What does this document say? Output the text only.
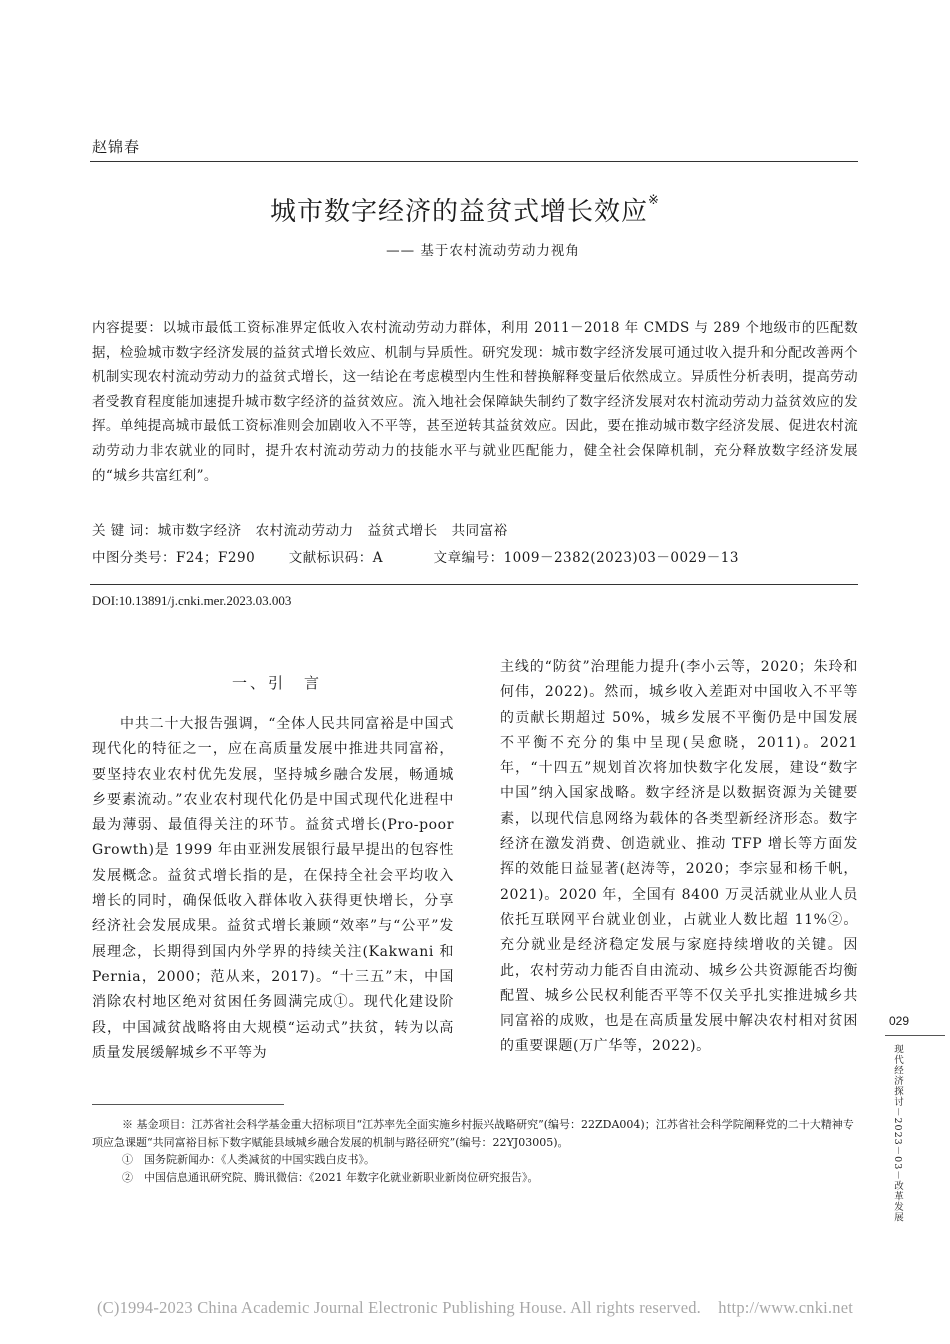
赵锦春
城市数字经济的益贫式增长效应※
—— 基于农村流动劳动力视角
内容提要：以城市最低工资标准界定低收入农村流动劳动力群体，利用 2011－2018 年 CMDS 与 289 个地级市的匹配数据，检验城市数字经济发展的益贫式增长效应、机制与异质性。研究发现：城市数字经济发展可通过收入提升和分配改善两个机制实现农村流动劳动力的益贫式增长，这一结论在考虑模型内生性和替换解释变量后依然成立。异质性分析表明，提高劳动者受教育程度能加速提升城市数字经济的益贫效应。流入地社会保障缺失制约了数字经济发展对农村流动劳动力益贫效应的发挥。单纯提高城市最低工资标准则会加剧收入不平等，甚至逆转其益贫效应。因此，要在推动城市数字经济发展、促进农村流动劳动力非农就业的同时，提升农村流动劳动力的技能水平与就业匹配能力，健全社会保障机制，充分释放数字经济发展的“城乡共富红利”。
关 键 词：城市数字经济　农村流动劳动力　益贫式增长　共同富裕
中图分类号：F24；F290 文献标识码：A	文章编号：1009－2382(2023)03－0029－13
DOI:10.13891/j.cnki.mer.2023.03.003
一、引　言

中共二十大报告强调，“全体人民共同富裕是中国式现代化的特征之一，应在高质量发展中推进共同富裕，要坚持农业农村优先发展，坚持城乡融合发展，畅通城乡要素流动。”农业农村现代化仍是中国式现代化进程中最为薄弱、最值得关注的环节。益贫式增长(Pro-poor Growth)是 1999 年由亚洲发展银行最早提出的包容性发展概念。益贫式增长指的是，在保持全社会平均收入增长的同时，确保低收入群体收入获得更快增长，分享经济社会发展成果。益贫式增长兼顾“效率”与“公平”发展理念，长期得到国内外学界的持续关注(Kakwani 和 Pernia，2000；范从来，2017)。“十三五”末，中国消除农村地区绝对贫困任务圆满完成①。现代化建设阶段，中国减贫战略将由大规模“运动式”扶贫，转为以高质量发展缓解城乡不平等为

主线的“防贫”治理能力提升(李小云等，2020；朱玲和何伟，2022)。然而，城乡收入差距对中国收入不平等的贡献长期超过 50%，城乡发展不平衡仍是中国发展不平衡不充分的集中呈现(吴愈晓，2011)。2021 年，“十四五”规划首次将加快数字化发展，建设“数字中国”纳入国家战略。数字经济是以数据资源为关键要素，以现代信息网络为载体的各类型新经济形态。数字经济在激发消费、创造就业、推动 TFP 增长等方面发挥的效能日益显著(赵涛等，2020；李宗显和杨千帆，2021)。2020 年，全国有 8400 万灵活就业从业人员依托互联网平台就业创业，占就业人数比超 11%②。充分就业是经济稳定发展与家庭持续增收的关键。因此，农村劳动力能否自由流动、城乡公共资源能否均衡配置、城乡公民权利能否平等不仅关乎扎实推进城乡共同富裕的成败，也是在高质量发展中解决农村相对贫困的重要课题(万广华等，2022)。

※ 基金项目：江苏省社会科学基金重大招标项目“江苏率先全面实施乡村振兴战略研究”(编号：22ZDA004)；江苏省社会科学院阐释党的二十大精神专项应急课题“共同富裕目标下数字赋能县域城乡融合发展的机制与路径研究”(编号：22YJ03005)。

①　国务院新闻办：《人类减贫的中国实践白皮书》。

②　中国信息通讯研究院、腾讯微信：《2021 年数字化就业新职业新岗位研究报告》。

029
现代经济探讨－2023－03－改革发展
(C)1994-2023 China Academic Journal Electronic Publishing House. All rights reserved.    http://www.cnki.net
